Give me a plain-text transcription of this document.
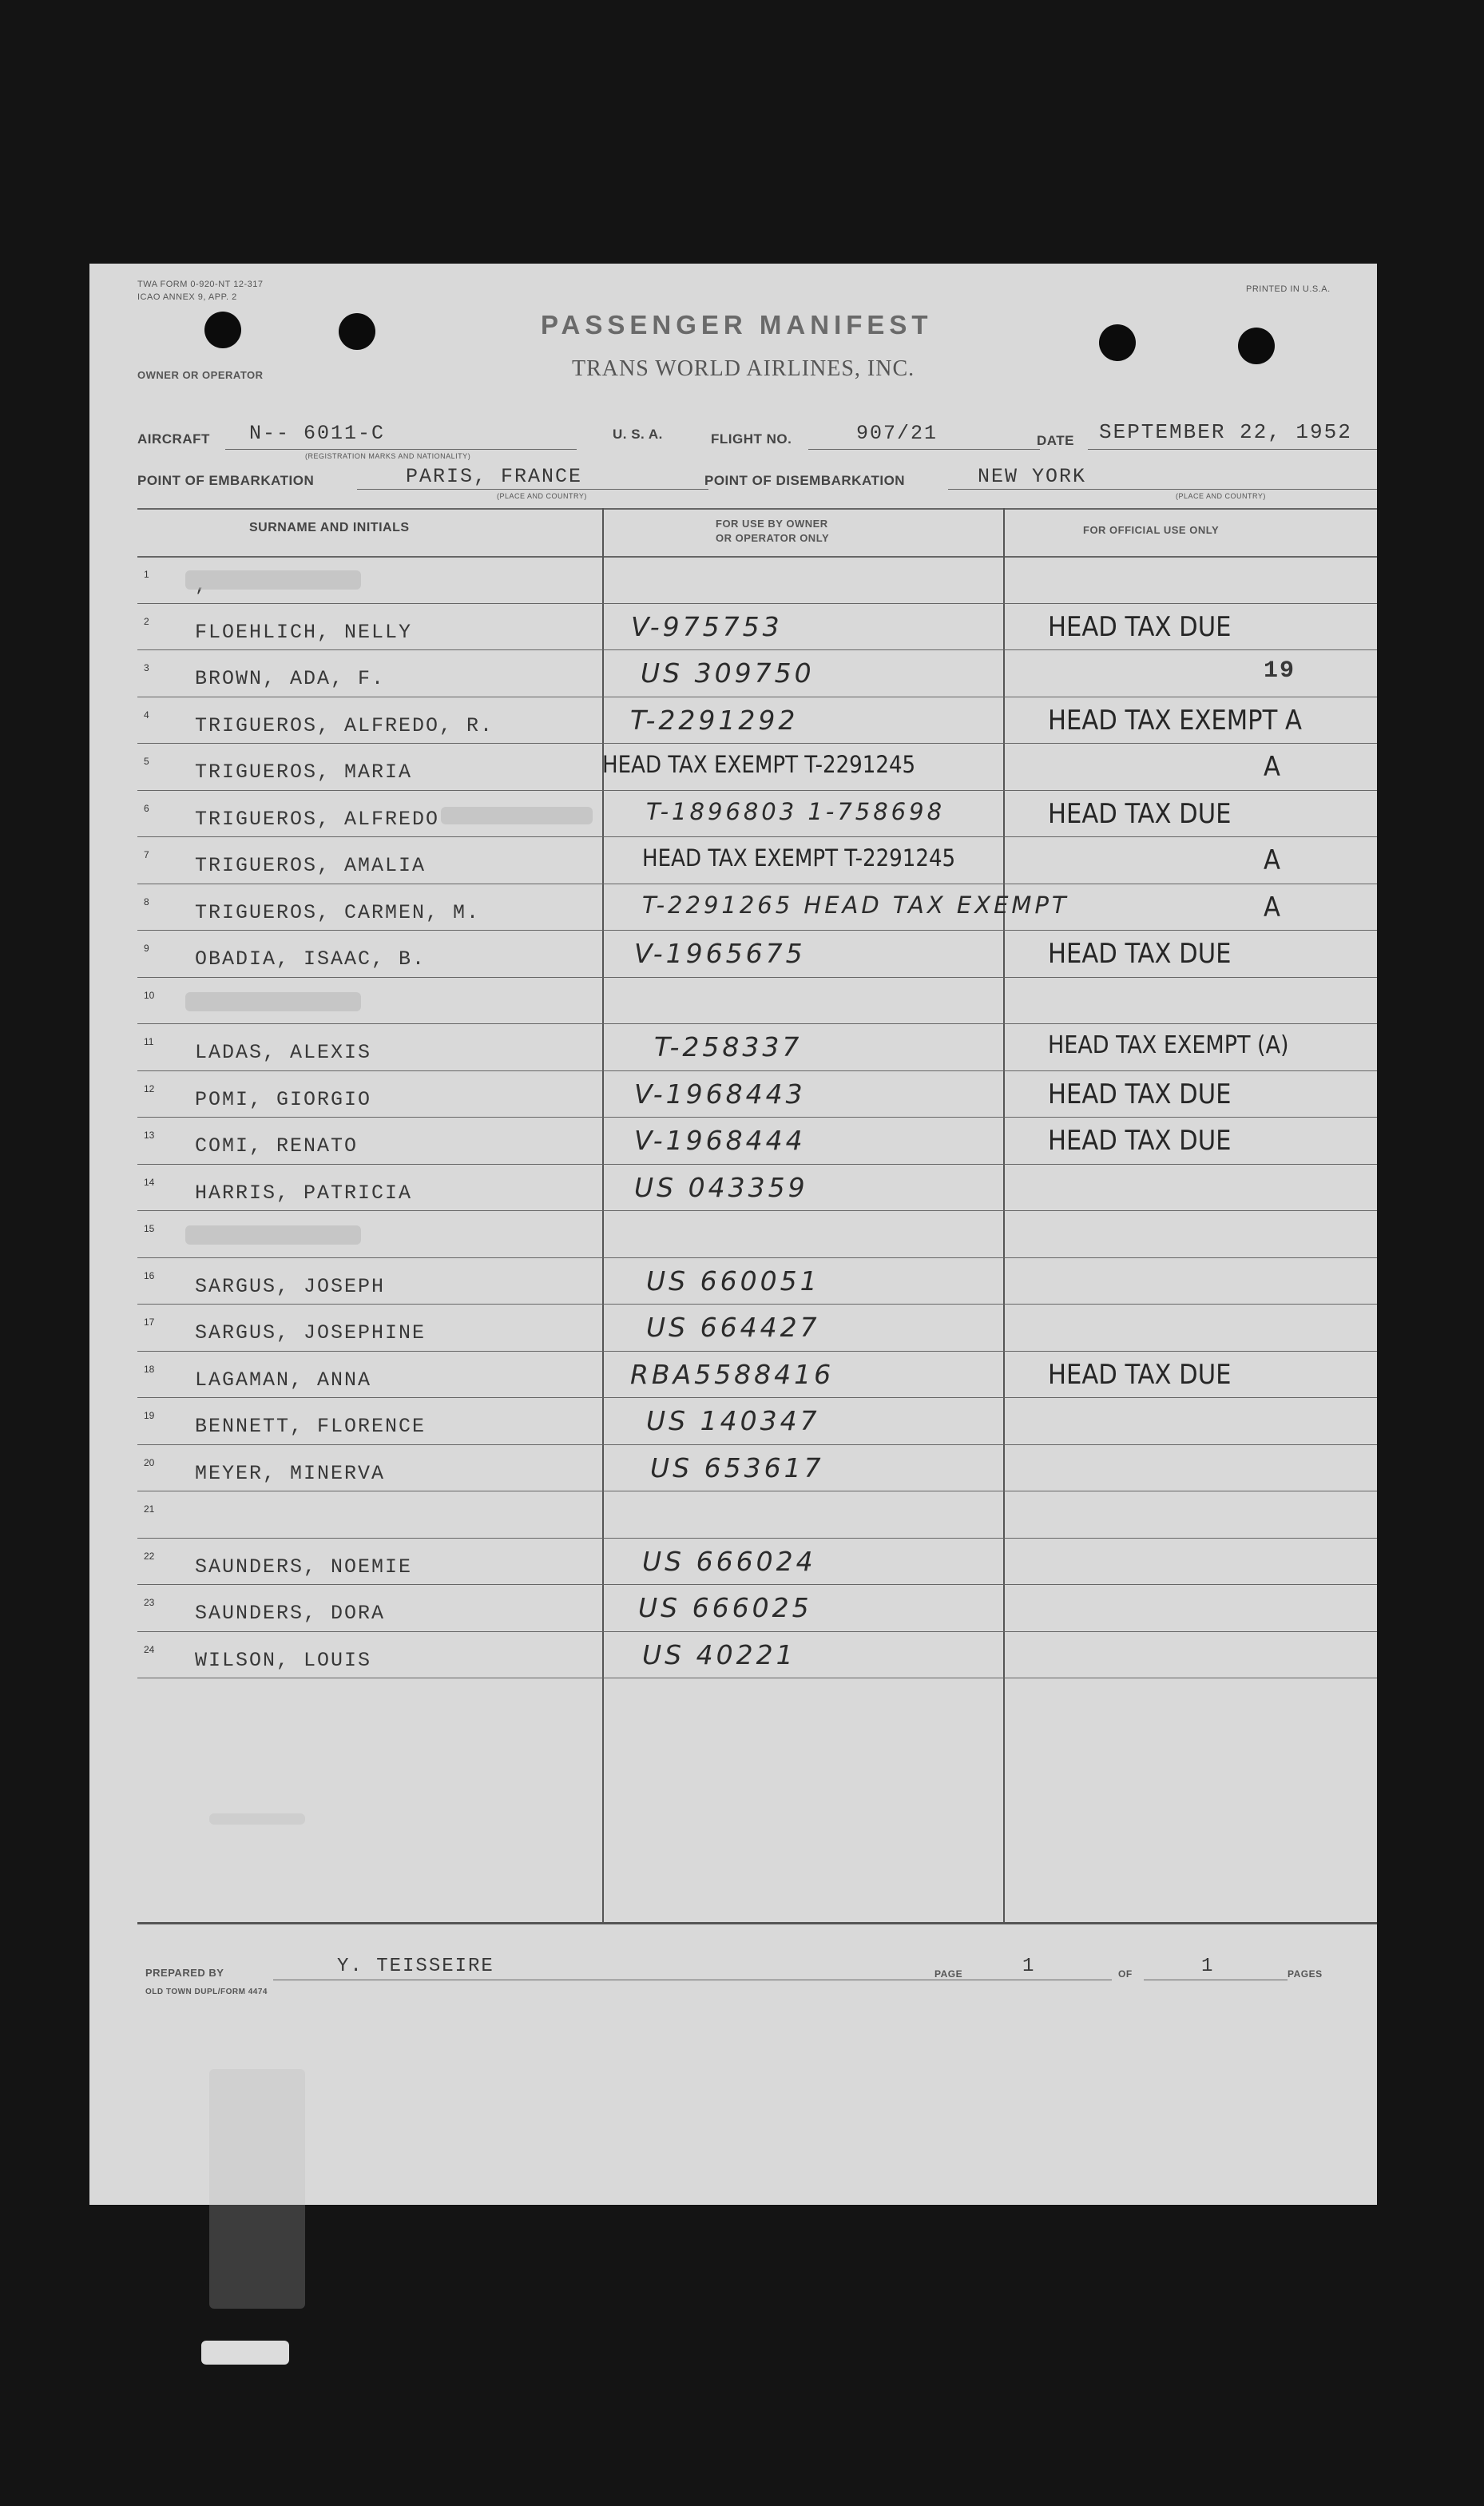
TWA FORM 0-920-NT 12-317
ICAO ANNEX 9, APP. 2
PRINTED IN U.S.A.
PASSENGER MANIFEST
TRANS WORLD AIRLINES, INC.
OWNER OR OPERATOR
AIRCRAFT N-- 6011-C
(REGISTRATION MARKS AND NATIONALITY)
U. S. A.	FLIGHT NO.	907/21	DATE SEPTEMBER 22, 1952
POINT OF EMBARKATION	PARIS, FRANCE
(PLACE AND COUNTRY)
POINT OF DISEMBARKATION	NEW YORK
(PLACE AND COUNTRY)
SURNAME AND INITIALS	FOR USE BY OWNER
OR OPERATOR ONLY
FOR OFFICIAL USE ONLY
1
2 FLOEHLICH, NELLY	V-975753	HEAD TAX DUE
3 BROWN, ADA, F.	US 309750	19
4 TRIGUEROS, ALFREDO, R.	T-2291292	HEAD TAX EXEMPT A
5 TRIGUEROS, MARIA	HEAD TAX EXEMPT T-2291245	A
6 TRIGUEROS, ALFREDO	T-1896803 1-758698	HEAD TAX DUE
7 TRIGUEROS, AMALIA	HEAD TAX EXEMPT T-2291245	A
8 TRIGUEROS, CARMEN, M.	T-2291265 HEAD TAX EXEMPT	A
9 OBADIA, ISAAC, B.	V-1965675	HEAD TAX DUE
10
11 LADAS, ALEXIS	T-258337	HEAD TAX EXEMPT (A)
12 POMI, GIORGIO	V-1968443	HEAD TAX DUE
13 COMI, RENATO	V-1968444	HEAD TAX DUE
14 HARRIS, PATRICIA	US 043359
15
16 SARGUS, JOSEPH	US 660051
17 SARGUS, JOSEPHINE	US 664427
18 LAGAMAN, ANNA	RBA5588416	HEAD TAX DUE
19 BENNETT, FLORENCE	US 140347
20 MEYER, MINERVA	US 653617
21
22 SAUNDERS, NOEMIE	US 666024
23 SAUNDERS, DORA	US 666025
24 WILSON, LOUIS	US 40221
PREPARED BY	Y. TEISSEIRE	PAGE	1	OF	1	PAGES
OLD TOWN DUPL/FORM 4474
